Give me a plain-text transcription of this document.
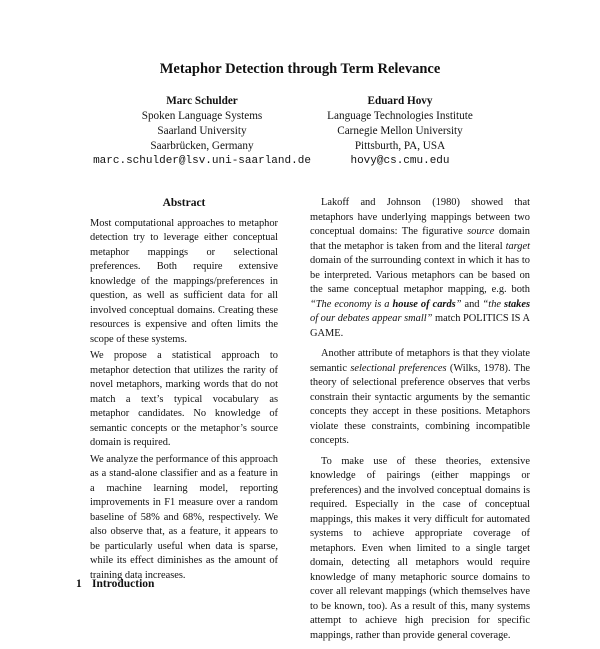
Metaphor Detection through Term Relevance
Marc Schulder
Spoken Language Systems
Saarland University
Saarbrücken, Germany
marc.schulder@lsv.uni-saarland.de
Eduard Hovy
Language Technologies Institute
Carnegie Mellon University
Pittsburth, PA, USA
hovy@cs.cmu.edu
Abstract

Most computational approaches to metaphor detection try to leverage either conceptual metaphor mappings or selectional preferences. Both require extensive knowledge of the mappings/preferences in question, as well as sufficient data for all involved conceptual domains. Creating these resources is expensive and often limits the scope of these systems.

We propose a statistical approach to metaphor detection that utilizes the rarity of novel metaphors, marking words that do not match a text’s typical vocabulary as metaphor candidates. No knowledge of semantic concepts or the metaphor’s source domain is required.

We analyze the performance of this approach as a stand-alone classifier and as a feature in a machine learning model, reporting improvements in F1 measure over a random baseline of 58% and 68%, respectively. We also observe that, as a feature, it appears to be particularly useful when data is sparse, while its effect diminishes as the amount of training data increases.

Lakoff and Johnson (1980) showed that metaphors have underlying mappings between two conceptual domains: The figurative source domain that the metaphor is taken from and the literal target domain of the surrounding context in which it has to be interpreted. Various metaphors can be based on the same conceptual metaphor mapping, e.g. both “The economy is a house of cards” and “the stakes of our debates appear small” match POLITICS IS A GAME.

Another attribute of metaphors is that they violate semantic selectional preferences (Wilks, 1978). The theory of selectional preference observes that verbs constrain their syntactic arguments by the semantic concepts they accept in these positions. Metaphors violate these constraints, combining incompatible concepts.

To make use of these theories, extensive knowledge of pairings (either mappings or preferences) and the involved conceptual domains is required. Especially in the case of conceptual mappings, this makes it very difficult for automated systems to achieve appropriate coverage of metaphors. Even when limited to a single target domain, detecting all metaphors would require knowledge of many metaphoric source domains to cover all relevant mappings (which themselves have to be known, too). As a result of this, many systems attempt to achieve high precision for specific mappings, rather than provide general coverage.

1 Introduction
